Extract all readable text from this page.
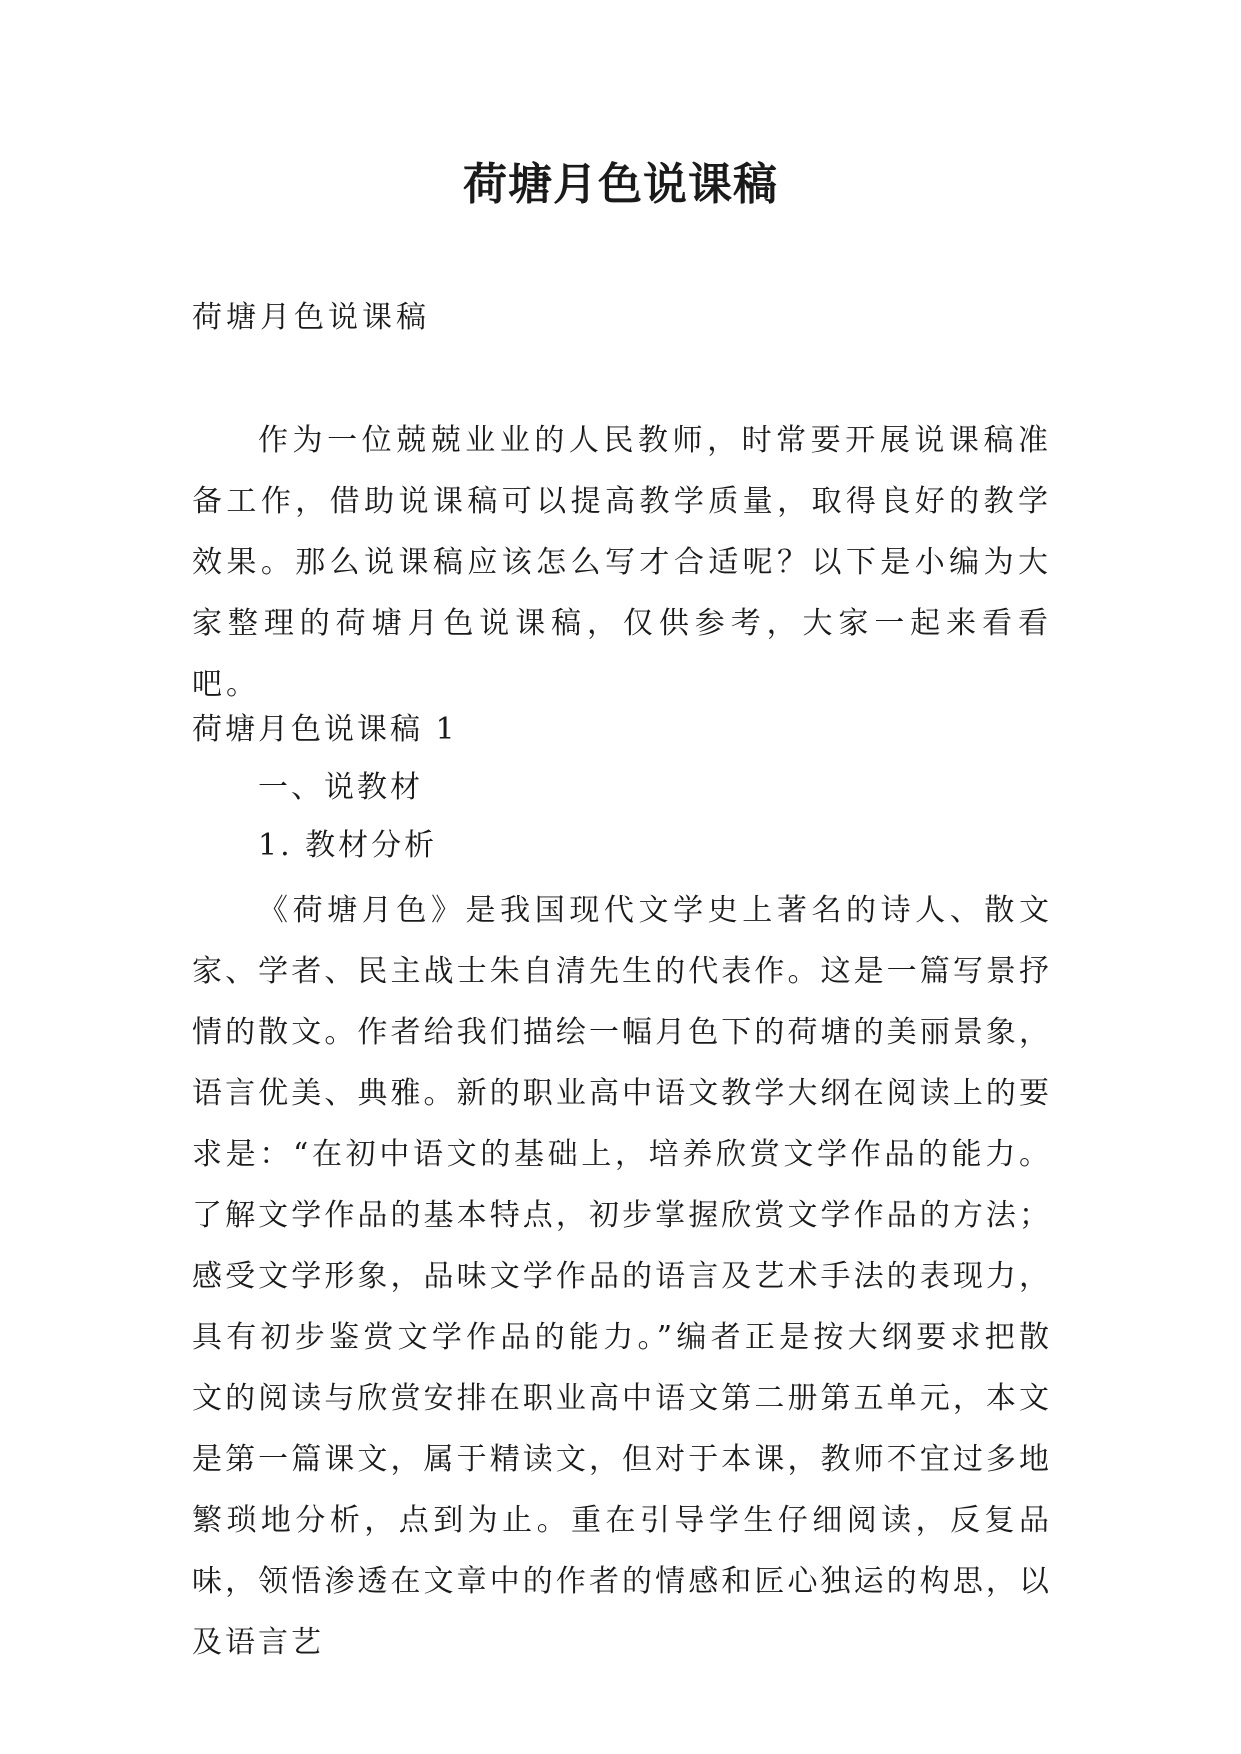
荷塘月色说课稿
荷塘月色说课稿
作为一位兢兢业业的人民教师，时常要开展说课稿准备工作，借助说课稿可以提高教学质量，取得良好的教学效果。那么说课稿应该怎么写才合适呢？以下是小编为大家整理的荷塘月色说课稿，仅供参考，大家一起来看看吧。
荷塘月色说课稿 1
一、说教材
1. 教材分析
《荷塘月色》是我国现代文学史上著名的诗人、散文家、学者、民主战士朱自清先生的代表作。这是一篇写景抒情的散文。作者给我们描绘一幅月色下的荷塘的美丽景象，语言优美、典雅。新的职业高中语文教学大纲在阅读上的要求是：“在初中语文的基础上，培养欣赏文学作品的能力。了解文学作品的基本特点，初步掌握欣赏文学作品的方法；感受文学形象，品味文学作品的语言及艺术手法的表现力，具有初步鉴赏文学作品的能力。”编者正是按大纲要求把散文的阅读与欣赏安排在职业高中语文第二册第五单元，本文是第一篇课文，属于精读文，但对于本课，教师不宜过多地繁琐地分析，点到为止。重在引导学生仔细阅读，反复品味，领悟渗透在文章中的作者的情感和匠心独运的构思，以及语言艺
